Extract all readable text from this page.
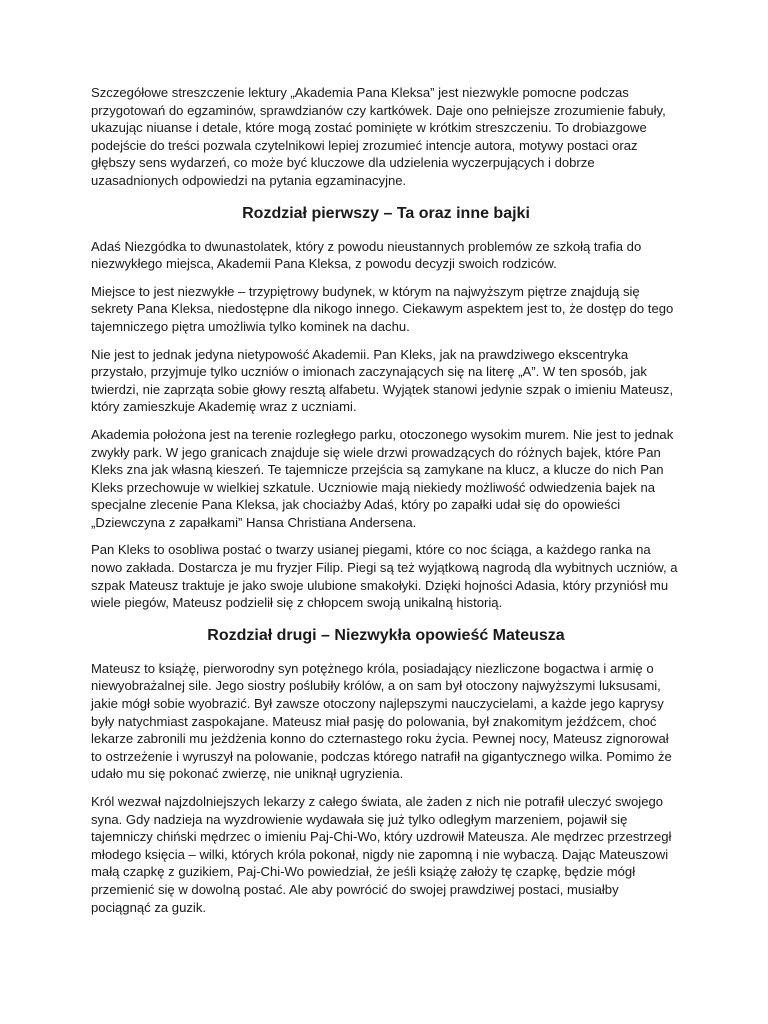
Szczegółowe streszczenie lektury „Akademia Pana Kleksa” jest niezwykle pomocne podczas przygotowań do egzaminów, sprawdzianów czy kartkówek. Daje ono pełniejsze zrozumienie fabuły, ukazując niuanse i detale, które mogą zostać pominięte w krótkim streszczeniu. To drobiazgowe podejście do treści pozwala czytelnikowi lepiej zrozumieć intencje autora, motywy postaci oraz głębszy sens wydarzeń, co może być kluczowe dla udzielenia wyczerpujących i dobrze uzasadnionych odpowiedzi na pytania egzaminacyjne.

Rozdział pierwszy – Ta oraz inne bajki

Adaś Niezgódka to dwunastolatek, który z powodu nieustannych problemów ze szkołą trafia do niezwykłego miejsca, Akademii Pana Kleksa, z powodu decyzji swoich rodziców.

Miejsce to jest niezwykłe – trzypiętrowy budynek, w którym na najwyższym piętrze znajdują się sekrety Pana Kleksa, niedostępne dla nikogo innego. Ciekawym aspektem jest to, że dostęp do tego tajemniczego piętra umożliwia tylko kominek na dachu.

Nie jest to jednak jedyna nietypowość Akademii. Pan Kleks, jak na prawdziwego ekscentryka przystało, przyjmuje tylko uczniów o imionach zaczynających się na literę „A”. W ten sposób, jak twierdzi, nie zaprząta sobie głowy resztą alfabetu. Wyjątek stanowi jedynie szpak o imieniu Mateusz, który zamieszkuje Akademię wraz z uczniami.

Akademia położona jest na terenie rozległego parku, otoczonego wysokim murem. Nie jest to jednak zwykły park. W jego granicach znajduje się wiele drzwi prowadzących do różnych bajek, które Pan Kleks zna jak własną kieszeń. Te tajemnicze przejścia są zamykane na klucz, a klucze do nich Pan Kleks przechowuje w wielkiej szkatule. Uczniowie mają niekiedy możliwość odwiedzenia bajek na specjalne zlecenie Pana Kleksa, jak chociażby Adaś, który po zapałki udał się do opowieści „Dziewczyna z zapałkami” Hansa Christiana Andersena.

Pan Kleks to osobliwa postać o twarzy usianej piegami, które co noc ściąga, a każdego ranka na nowo zakłada. Dostarcza je mu fryzjer Filip. Piegi są też wyjątkową nagrodą dla wybitnych uczniów, a szpak Mateusz traktuje je jako swoje ulubione smakołyki. Dzięki hojności Adasia, który przyniósł mu wiele piegów, Mateusz podzielił się z chłopcem swoją unikalną historią.

Rozdział drugi – Niezwykła opowieść Mateusza

Mateusz to książę, pierworodny syn potężnego króla, posiadający niezliczone bogactwa i armię o niewyobrażalnej sile. Jego siostry poślubiły królów, a on sam był otoczony najwyższymi luksusami, jakie mógł sobie wyobrazić. Był zawsze otoczony najlepszymi nauczycielami, a każde jego kaprysy były natychmiast zaspokajane. Mateusz miał pasję do polowania, był znakomitym jeźdźcem, choć lekarze zabronili mu jeżdżenia konno do czternastego roku życia. Pewnej nocy, Mateusz zignorował to ostrzeżenie i wyruszył na polowanie, podczas którego natrafił na gigantycznego wilka. Pomimo że udało mu się pokonać zwierzę, nie uniknął ugryzienia.

Król wezwał najzdolniejszych lekarzy z całego świata, ale żaden z nich nie potrafił uleczyć swojego syna. Gdy nadzieja na wyzdrowienie wydawała się już tylko odległym marzeniem, pojawił się tajemniczy chiński mędrzec o imieniu Paj-Chi-Wo, który uzdrowił Mateusza. Ale mędrzec przestrzegł młodego księcia – wilki, których króla pokonał, nigdy nie zapomną i nie wybaczą. Dając Mateuszowi małą czapkę z guzikiem, Paj-Chi-Wo powiedział, że jeśli książę założy tę czapkę, będzie mógł przemienić się w dowolną postać. Ale aby powrócić do swojej prawdziwej postaci, musiałby pociągnąć za guzik.
